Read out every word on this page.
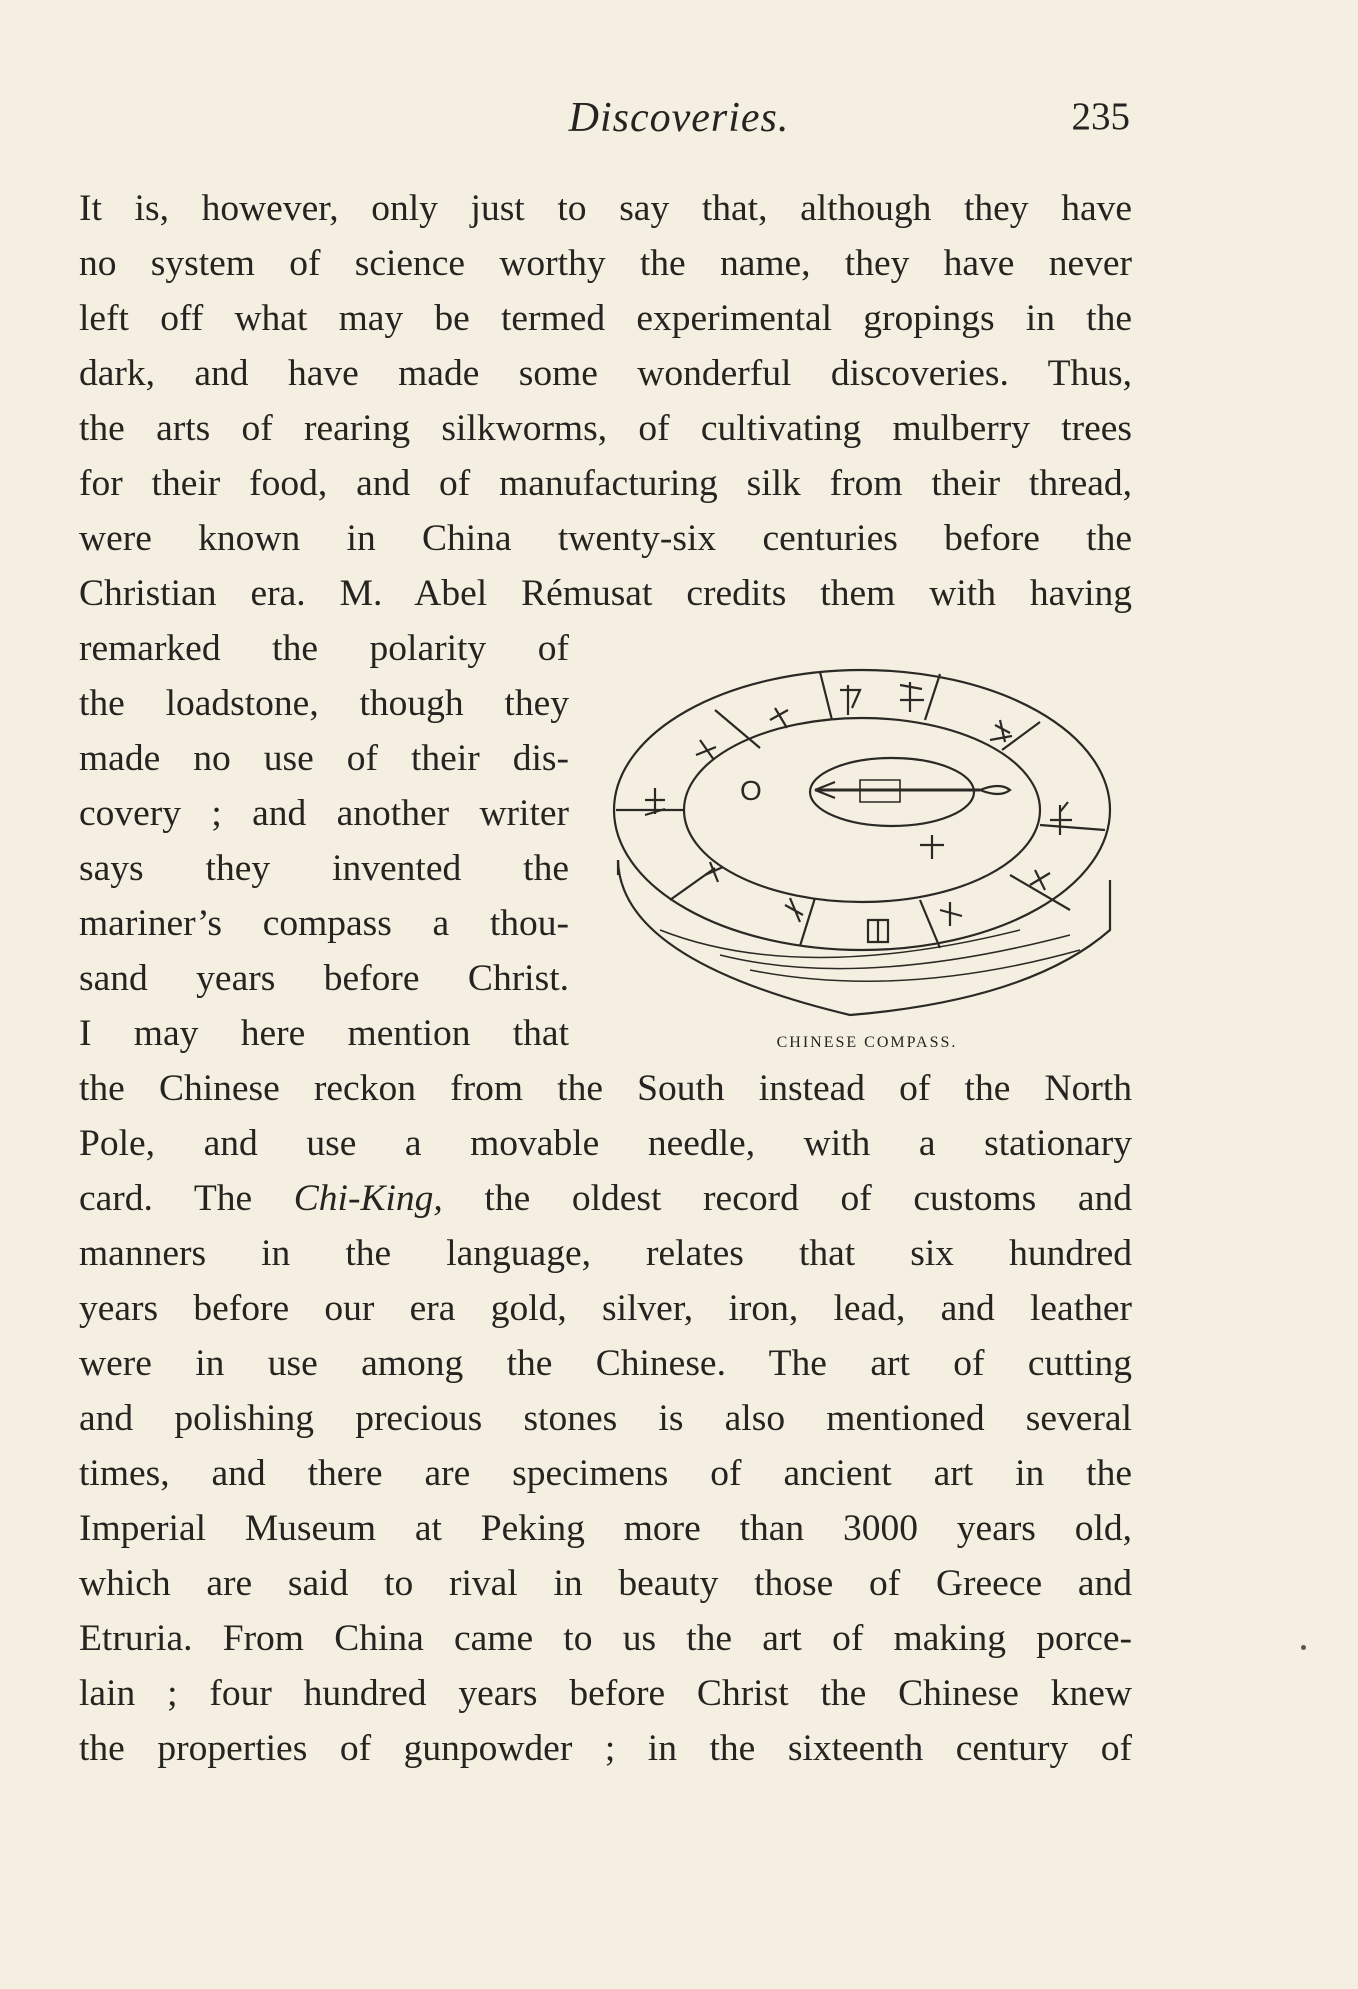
Discoveries.	235
It is, however, only just to say that, although they have
no system of science worthy the name, they have never
left off what may be termed experimental gropings in the
dark, and have made some wonderful discoveries. Thus,
the arts of rearing silkworms, of cultivating mulberry trees
for their food, and of manufacturing silk from their thread,
were known in China twenty-six centuries before the
Christian era. M. Abel Rémusat credits them with having
remarked the polarity of
the loadstone, though they
made no use of their dis-
covery ; and another writer
says they invented the
mariner’s compass a thou-
sand years before Christ.
I may here mention that
O
CHINESE COMPASS.
the Chinese reckon from the South instead of the North
Pole, and use a movable needle, with a stationary
card. The Chi-King, the oldest record of customs and
manners in the language, relates that six hundred
years before our era gold, silver, iron, lead, and leather
were in use among the Chinese. The art of cutting
and polishing precious stones is also mentioned several
times, and there are specimens of ancient art in the
Imperial Museum at Peking more than 3000 years old,
which are said to rival in beauty those of Greece and
Etruria. From China came to us the art of making porce-
lain ; four hundred years before Christ the Chinese knew
the properties of gunpowder ; in the sixteenth century of
